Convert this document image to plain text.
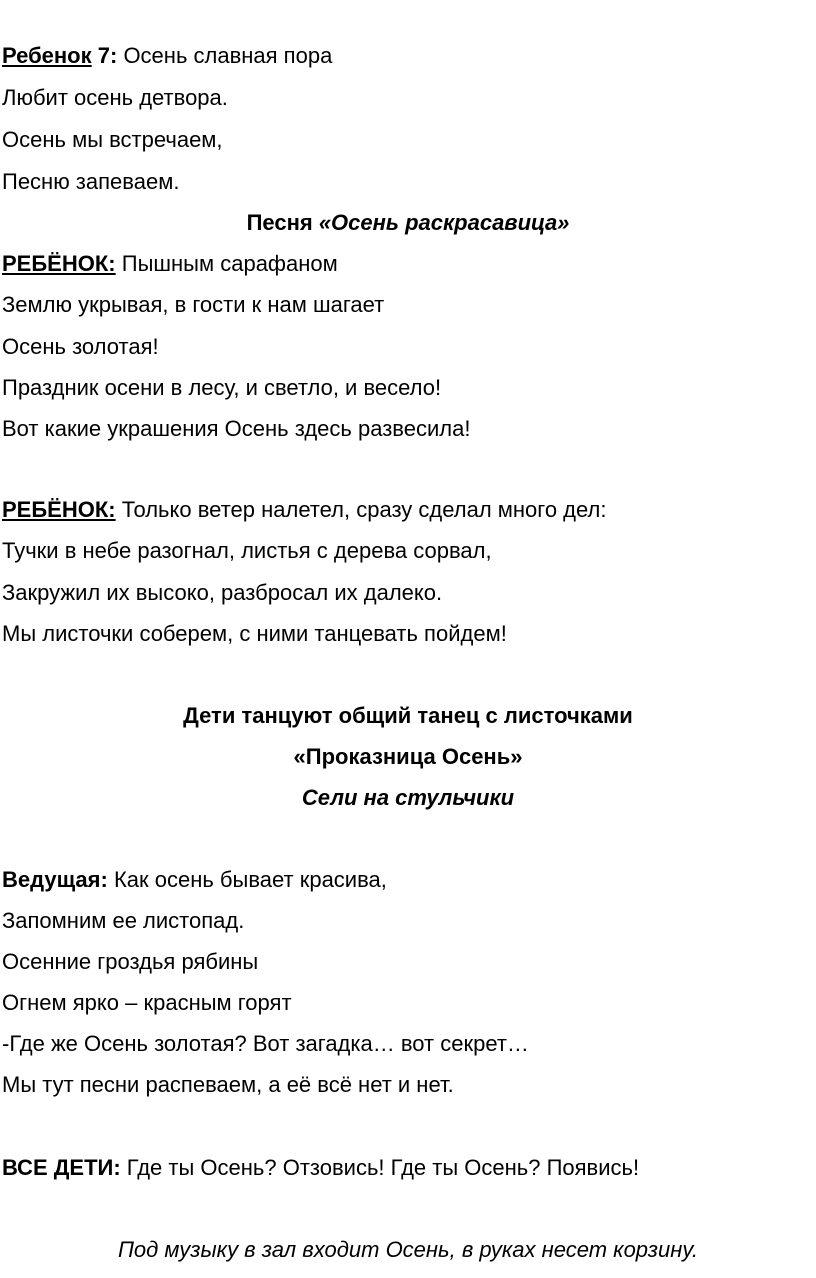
Ребенок 7: Осень славная пора
Любит осень детвора.
Осень мы встречаем,
Песню запеваем.
Песня «Осень раскрасавица»
РЕБЁНОК: Пышным сарафаном
Землю укрывая, в гости к нам шагает
Осень золотая!
Праздник осени в лесу, и светло, и весело!
Вот какие украшения Осень здесь развесила!
РЕБЁНОК: Только ветер налетел, сразу сделал много дел:
Тучки в небе разогнал, листья с дерева сорвал,
Закружил их высоко, разбросал их далеко.
Мы листочки соберем, с ними танцевать пойдем!
Дети танцуют общий танец с листочками
«Проказница Осень»
Сели на стульчики
Ведущая: Как осень бывает красива,
Запомним ее листопад.
Осенние гроздья рябины
Огнем ярко – красным горят
-Где же Осень золотая? Вот загадка… вот секрет…
Мы тут песни распеваем, а её всё нет и нет.
ВСЕ ДЕТИ: Где ты Осень? Отзовись! Где ты Осень? Появись!
Под музыку в зал входит Осень, в руках несет корзину.
